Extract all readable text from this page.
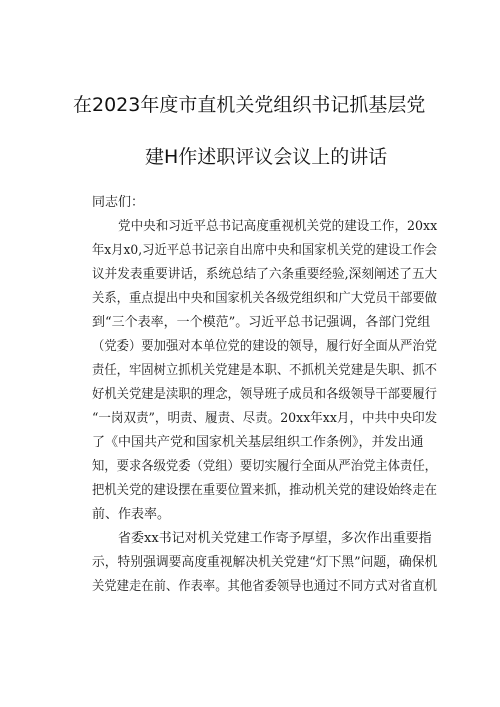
在2023年度市直机关党组织书记抓基层党
建H作述职评议会议上的讲话
同志们：
党中央和习近平总书记高度重视机关党的建设工作，20xx
年x月x0,习近平总书记亲自出席中央和国家机关党的建设工作会
议并发表重要讲话，系统总结了六条重要经验,深刻阐述了五大
关系，重点提出中央和国家机关各级党组织和广大党员干部要做
到“三个表率，一个模范”。习近平总书记强调，各部门党组
（党委）要加强对本单位党的建设的领导，履行好全面从严治党
责任，牢固树立抓机关党建是本职、不抓机关党建是失职、抓不
好机关党建是渎职的理念，领导班子成员和各级领导干部要履行
“一岗双责”，明责、履责、尽责。20xx年xx月，中共中央印发
了《中国共产党和国家机关基层组织工作条例》，并发出通
知，要求各级党委（党组）要切实履行全面从严治党主体责任，
把机关党的建设摆在重要位置来抓，推动机关党的建设始终走在
前、作表率。
省委xx书记对机关党建工作寄予厚望，多次作出重要指
示，特别强调要高度重视解决机关党建“灯下黑”问题，确保机
关党建走在前、作表率。其他省委领导也通过不同方式对省直机
